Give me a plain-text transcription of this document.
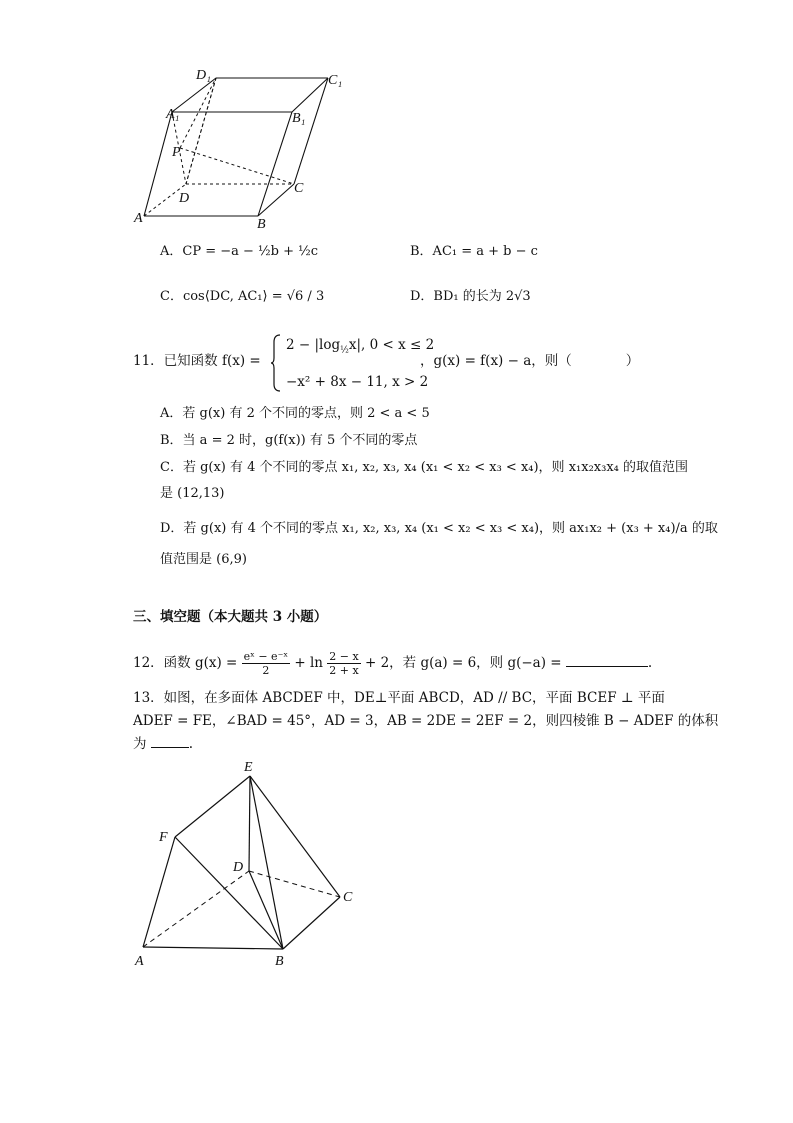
D₁	C₁
A₁	B₁
P
D
C
A	B
A．CP = −a − ½b + ½c	B．AC₁ = a + b − c
C．cos⟨DC, AC₁⟩ = √6 / 3	D．BD₁ 的长为 2√3
11．已知函数 f(x) =
$2 - |\log_{\frac{1}{2}}x|$, 0 < x ≤ 2
−x² + 8x − 11, x > 2
，g(x) = f(x) − a，则（　　　　）
A．若 g(x) 有 2 个不同的零点，则 2 < a < 5
B．当 a = 2 时，g(f(x)) 有 5 个不同的零点
C．若 g(x) 有 4 个不同的零点 x₁, x₂, x₃, x₄ (x₁ < x₂ < x₃ < x₄)，则 x₁x₂x₃x₄ 的取值范围
是 (12,13)
D．若 g(x) 有 4 个不同的零点 x₁, x₂, x₃, x₄ (x₁ < x₂ < x₃ < x₄)，则 ax₁x₂ + (x₃ + x₄)/a 的取
值范围是 (6,9)
三、填空题（本大题共 3 小题）
12．函数 $g(x) = \frac{\text{eˣ − e⁻ˣ}}{2} + \ln \frac{2 - x}{2 + x} + 2$，若 g(a) = 6，则 g(−a) =	.
13．如图，在多面体 ABCDEF 中，DE⊥平面 ABCD，AD // BC，平面 BCEF ⊥ 平面
ADEF = FE，∠BAD = 45°，AD = 3，AB = 2DE = 2EF = 2，则四棱锥 B − ADEF 的体积
为	.
E
F
D
C
A	B
